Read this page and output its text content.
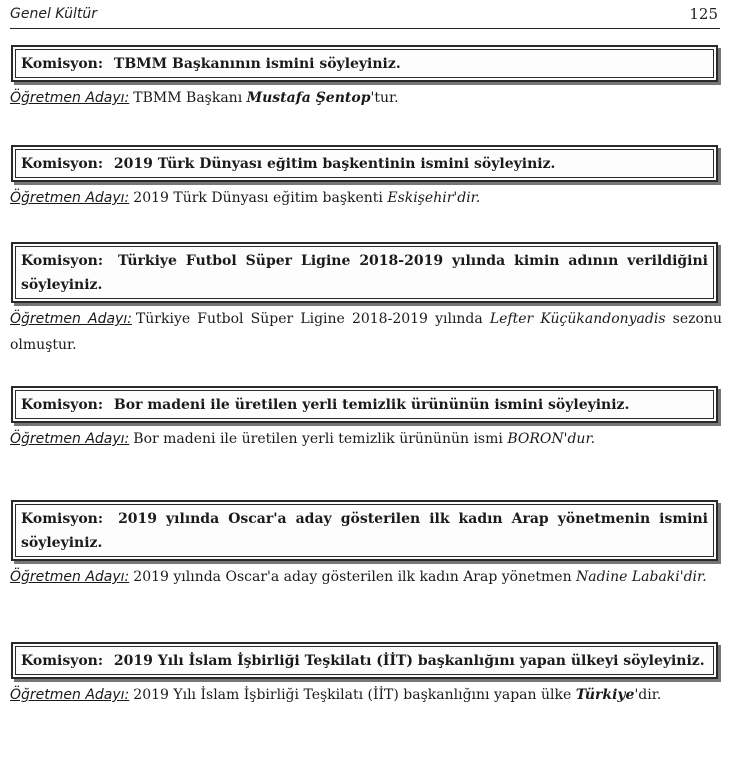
Genel Kültür	125
Komisyon: TBMM Başkanının ismini söyleyiniz.
Öğretmen Adayı: TBMM Başkanı Mustafa Şentop'tur.
Komisyon: 2019 Türk Dünyası eğitim başkentinin ismini söyleyiniz.
Öğretmen Adayı: 2019 Türk Dünyası eğitim başkenti Eskişehir'dir.
Komisyon: Türkiye Futbol Süper Ligine 2018-2019 yılında kimin adının verildiğini söyleyiniz.
Öğretmen Adayı: Türkiye Futbol Süper Ligine 2018-2019 yılında Lefter Küçükandonyadis sezonu olmuştur.
Komisyon: Bor madeni ile üretilen yerli temizlik ürününün ismini söyleyiniz.
Öğretmen Adayı: Bor madeni ile üretilen yerli temizlik ürününün ismi BORON'dur.
Komisyon: 2019 yılında Oscar'a aday gösterilen ilk kadın Arap yönetmenin ismini söyleyiniz.
Öğretmen Adayı: 2019 yılında Oscar'a aday gösterilen ilk kadın Arap yönetmen Nadine Labaki'dir.
Komisyon: 2019 Yılı İslam İşbirliği Teşkilatı (İİT) başkanlığını yapan ülkeyi söyleyiniz.
Öğretmen Adayı: 2019 Yılı İslam İşbirliği Teşkilatı (İİT) başkanlığını yapan ülke Türkiye'dir.
